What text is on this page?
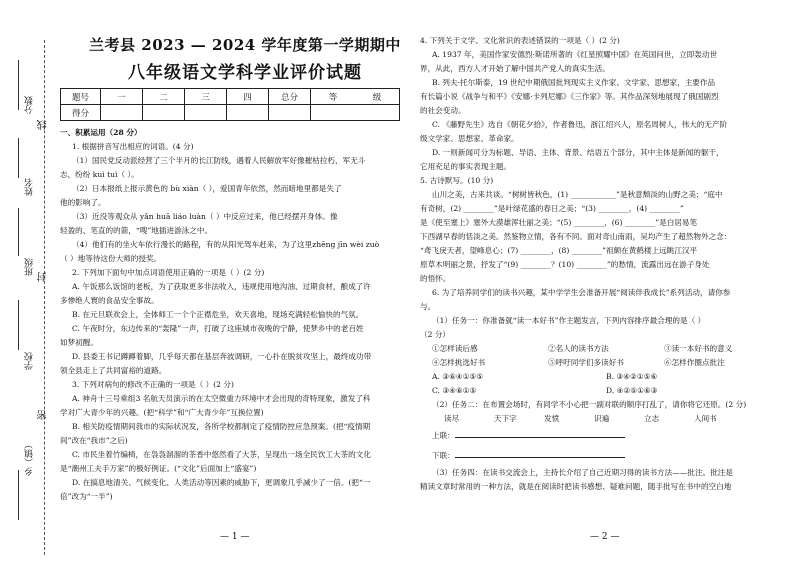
分数
线
姓名
班级
封
学校
密
乡（镇）
兰考县 2023 — 2024 学年度第一学期期中
八年级语文学科学业评价试题
题号	一	二	三	四	总分	等	级
得分							

一、积累运用（28 分）

1. 根据拼音写出相应的词语。(4 分)

（1）国民党反动派经营了三个半月的长江防线，遇着人民解放军好像摧枯拉朽，军无斗

志，纷纷 kuì tuì（ ）。

（2）日本报纸上报示黄色的 bù xiàn（ ），爱国青年依然，然而暗地里都是失了

他的影响了。

（3）近没等观众从 yǎn huā liáo luàn（ ）中反应过来，他已经摆开身体。像

轻盈的、笔直的的箭，“嗖”地插进游泳之中。

（4）他们有的坐火车依行漫长的路程，有的从阳光驾车赶来，为了这里zhēng jīn wèi zuò

（ ）地等待这份大师的授奖。

2. 下列加下面句中加点词语使用正确的一项是（ ）(2 分)

A. 午饭那么饭馆的老板，为了获取更多非法收入，违规使用地沟油、过期食材，酿成了许

多惨绝人寰的食品安全事故。

B. 在元旦联欢会上，全体师工一个个正襟危坐，欢天喜地，现场充满轻松愉快的气氛。

C. 午夜时分，东边传来的“轰隆”一声，打破了这座城市夜晚的宁静，使梦乡中的老百姓

如梦初醒。

D. 县委王书记蹲蹲着脚，几乎每天都在基层奔波调研，一心扑在脱贫攻坚上，最终成功带

领全县走上了共同富裕的道路。

3. 下列对病句的修改不正确的一项是（ ）(2 分)

A. 神舟十三号乘组3 名航天员演示的在太空微重力环境中才会出现的奇特现象，激发了科

学对广大青少年的兴趣。(把“科学”和“广大青少年”互换位置)

B. 相关防疫情期间我市的实际状况发，各所学校都制定了疫情防控应急预案。(把“疫情期

间”改在“我市”之后)

C. 市民坐着竹编椅，在袅袅溜溜的茶香中悠然看了大茶，呈现出一场全民饮工大茶的文化

是“潮州工夫手万家”的极好例证。(“文化”后面加上“盛宴”)

D. 在搞息地清关、气候变化、人类活动等因素的威胁下，更调象几乎减少了一倍。(把“一

倍”改为“一半”)

— 1 —

4. 下列关于文学、文化常识的表述错误的一项是（ ）(2 分)

A. 1937 年，美国作家安德烈·斯诺所著的《红星照耀中国》在英国问世，立即轰动世

界，从此，西方人才开始了解中国共产党人的真实生活。

B. 列夫·托尔斯泰，19 世纪中期俄国批判现实主义作家、文学家、思想家，主要作品

有长篇小说《战争与和平》《安娜·卡列尼娜》《三作家》等。其作品深刻地展现了俄国剧烈

的社会变动。

C. 《藤野先生》选自《朝花夕拾》，作者鲁迅，浙江绍兴人，原名周树人，伟大的无产阶

级文学家、思想家、革命家。

D. 一则新闻可分为标题、导语、主体、背景、结语五个部分，其中主体是新闻的躯干，

它用充足的事实表现主题。

5. 古诗默写。(10 分)

山川之美，古来共谈。“树树皆秋色，(1) ____________”是秋意颓淡的山野之美；“庭中

有奇树，(2) ________”是叶绿花盛的春日之美；“(3) ________，(4) ________”

是《使至塞上》塞外大漠雄浑壮丽之美；“(5) ________，(6) ________”是白居易笔

下西湖早春的恬淡之美。然鉴物立情，各有不同。面对奇山南雨，吴均产生了超然物外之念：

“鸢飞戾天者，望峰息心；(7) ________，(8) ________”祖颇在黄鹤楼上远眺江汉平

原草木明丽之景，抒发了“(9) ________？(10) ________”的愁情，流露出远在游子身处

的悟怀。

6. 为了培养同学们的读书兴趣，某中学学生会准备开展“阅读伴我成长”系列活动，请你参

与。

（1）任务一：你准备就“读一本好书”作主题发言，下列内容排序最合理的是（ ）

（2 分）

①怎样读后感	②名人的读书方法	③读一本好书的意义
④怎样挑选好书	⑤呼吁同学们多读好书	⑥怎样作圈点批注
A. ③⑥④①⑤⑤	B. ③④②①⑤⑥
C. ③④⑥①⑤	D. ④②⑤①⑥③

（2）任务二：在布置会场时，有同学不小心把一副对联的顺序打乱了，请你将它还原。(2 分)

读尽	天下字	发愤	识遍	立志	人间书

上联：

下联：

（3）任务四：在读书交流会上，主持长介绍了自己近期习得的读书方法——批注。批注是

精读文章时常用的一种方法，就是在阅读时把读书感想、疑难问题，随手批写在书中的空白地

— 2 —
